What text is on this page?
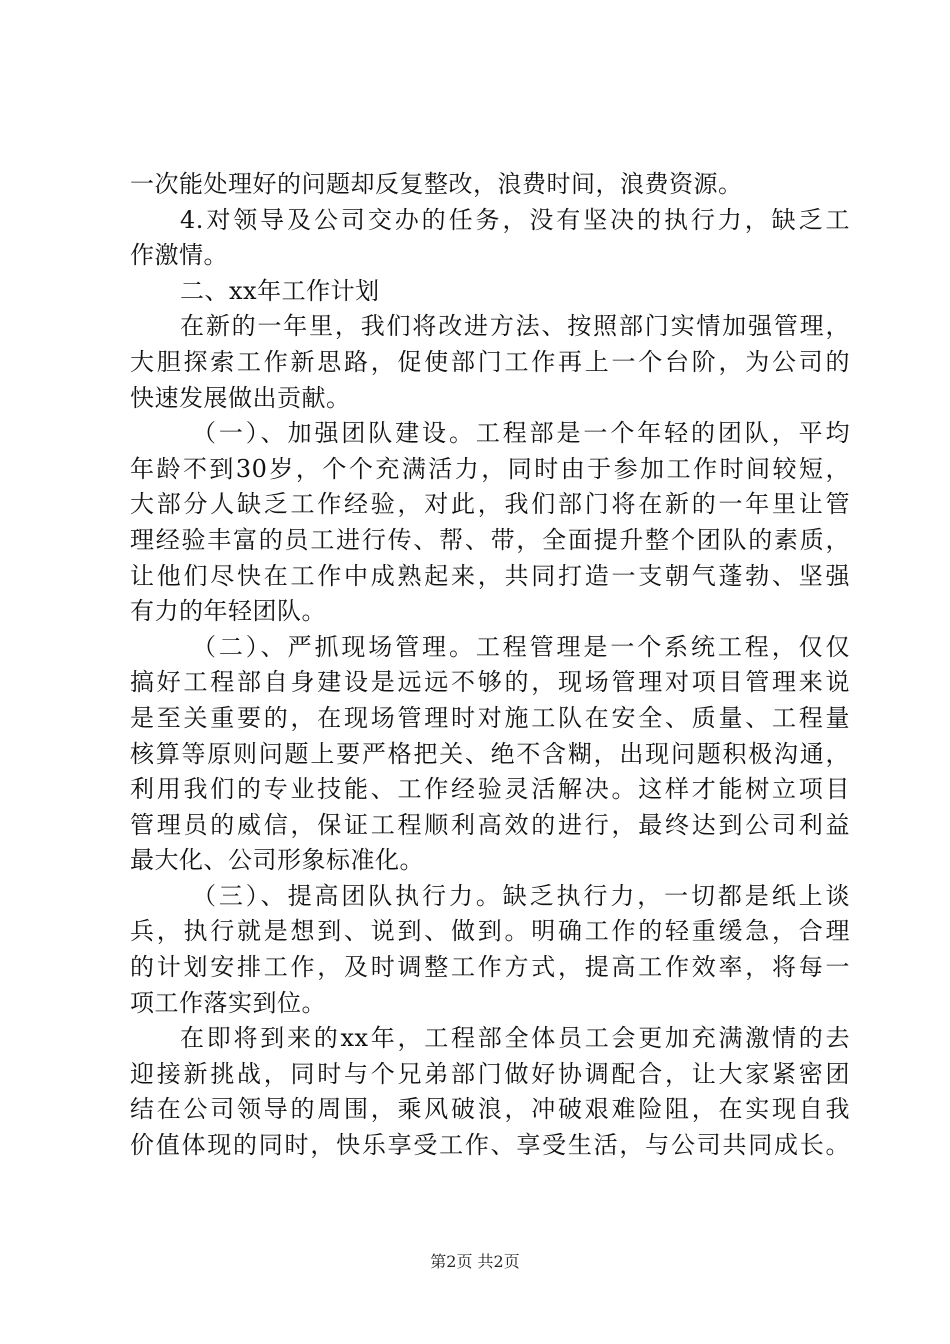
一次能处理好的问题却反复整改，浪费时间，浪费资源。
4.对领导及公司交办的任务，没有坚决的执行力，缺乏工
作激情。
二、xx年工作计划
在新的一年里，我们将改进方法、按照部门实情加强管理，
大胆探索工作新思路，促使部门工作再上一个台阶，为公司的
快速发展做出贡献。
（一）、加强团队建设。工程部是一个年轻的团队，平均
年龄不到30岁，个个充满活力，同时由于参加工作时间较短，
大部分人缺乏工作经验，对此，我们部门将在新的一年里让管
理经验丰富的员工进行传、帮、带，全面提升整个团队的素质，
让他们尽快在工作中成熟起来，共同打造一支朝气蓬勃、坚强
有力的年轻团队。
（二）、严抓现场管理。工程管理是一个系统工程，仅仅
搞好工程部自身建设是远远不够的，现场管理对项目管理来说
是至关重要的，在现场管理时对施工队在安全、质量、工程量
核算等原则问题上要严格把关、绝不含糊，出现问题积极沟通，
利用我们的专业技能、工作经验灵活解决。这样才能树立项目
管理员的威信，保证工程顺利高效的进行，最终达到公司利益
最大化、公司形象标准化。
（三）、提高团队执行力。缺乏执行力，一切都是纸上谈
兵，执行就是想到、说到、做到。明确工作的轻重缓急，合理
的计划安排工作，及时调整工作方式，提高工作效率，将每一
项工作落实到位。
在即将到来的xx年，工程部全体员工会更加充满激情的去
迎接新挑战，同时与个兄弟部门做好协调配合，让大家紧密团
结在公司领导的周围，乘风破浪，冲破艰难险阻，在实现自我
价值体现的同时，快乐享受工作、享受生活，与公司共同成长。
第2页 共2页
